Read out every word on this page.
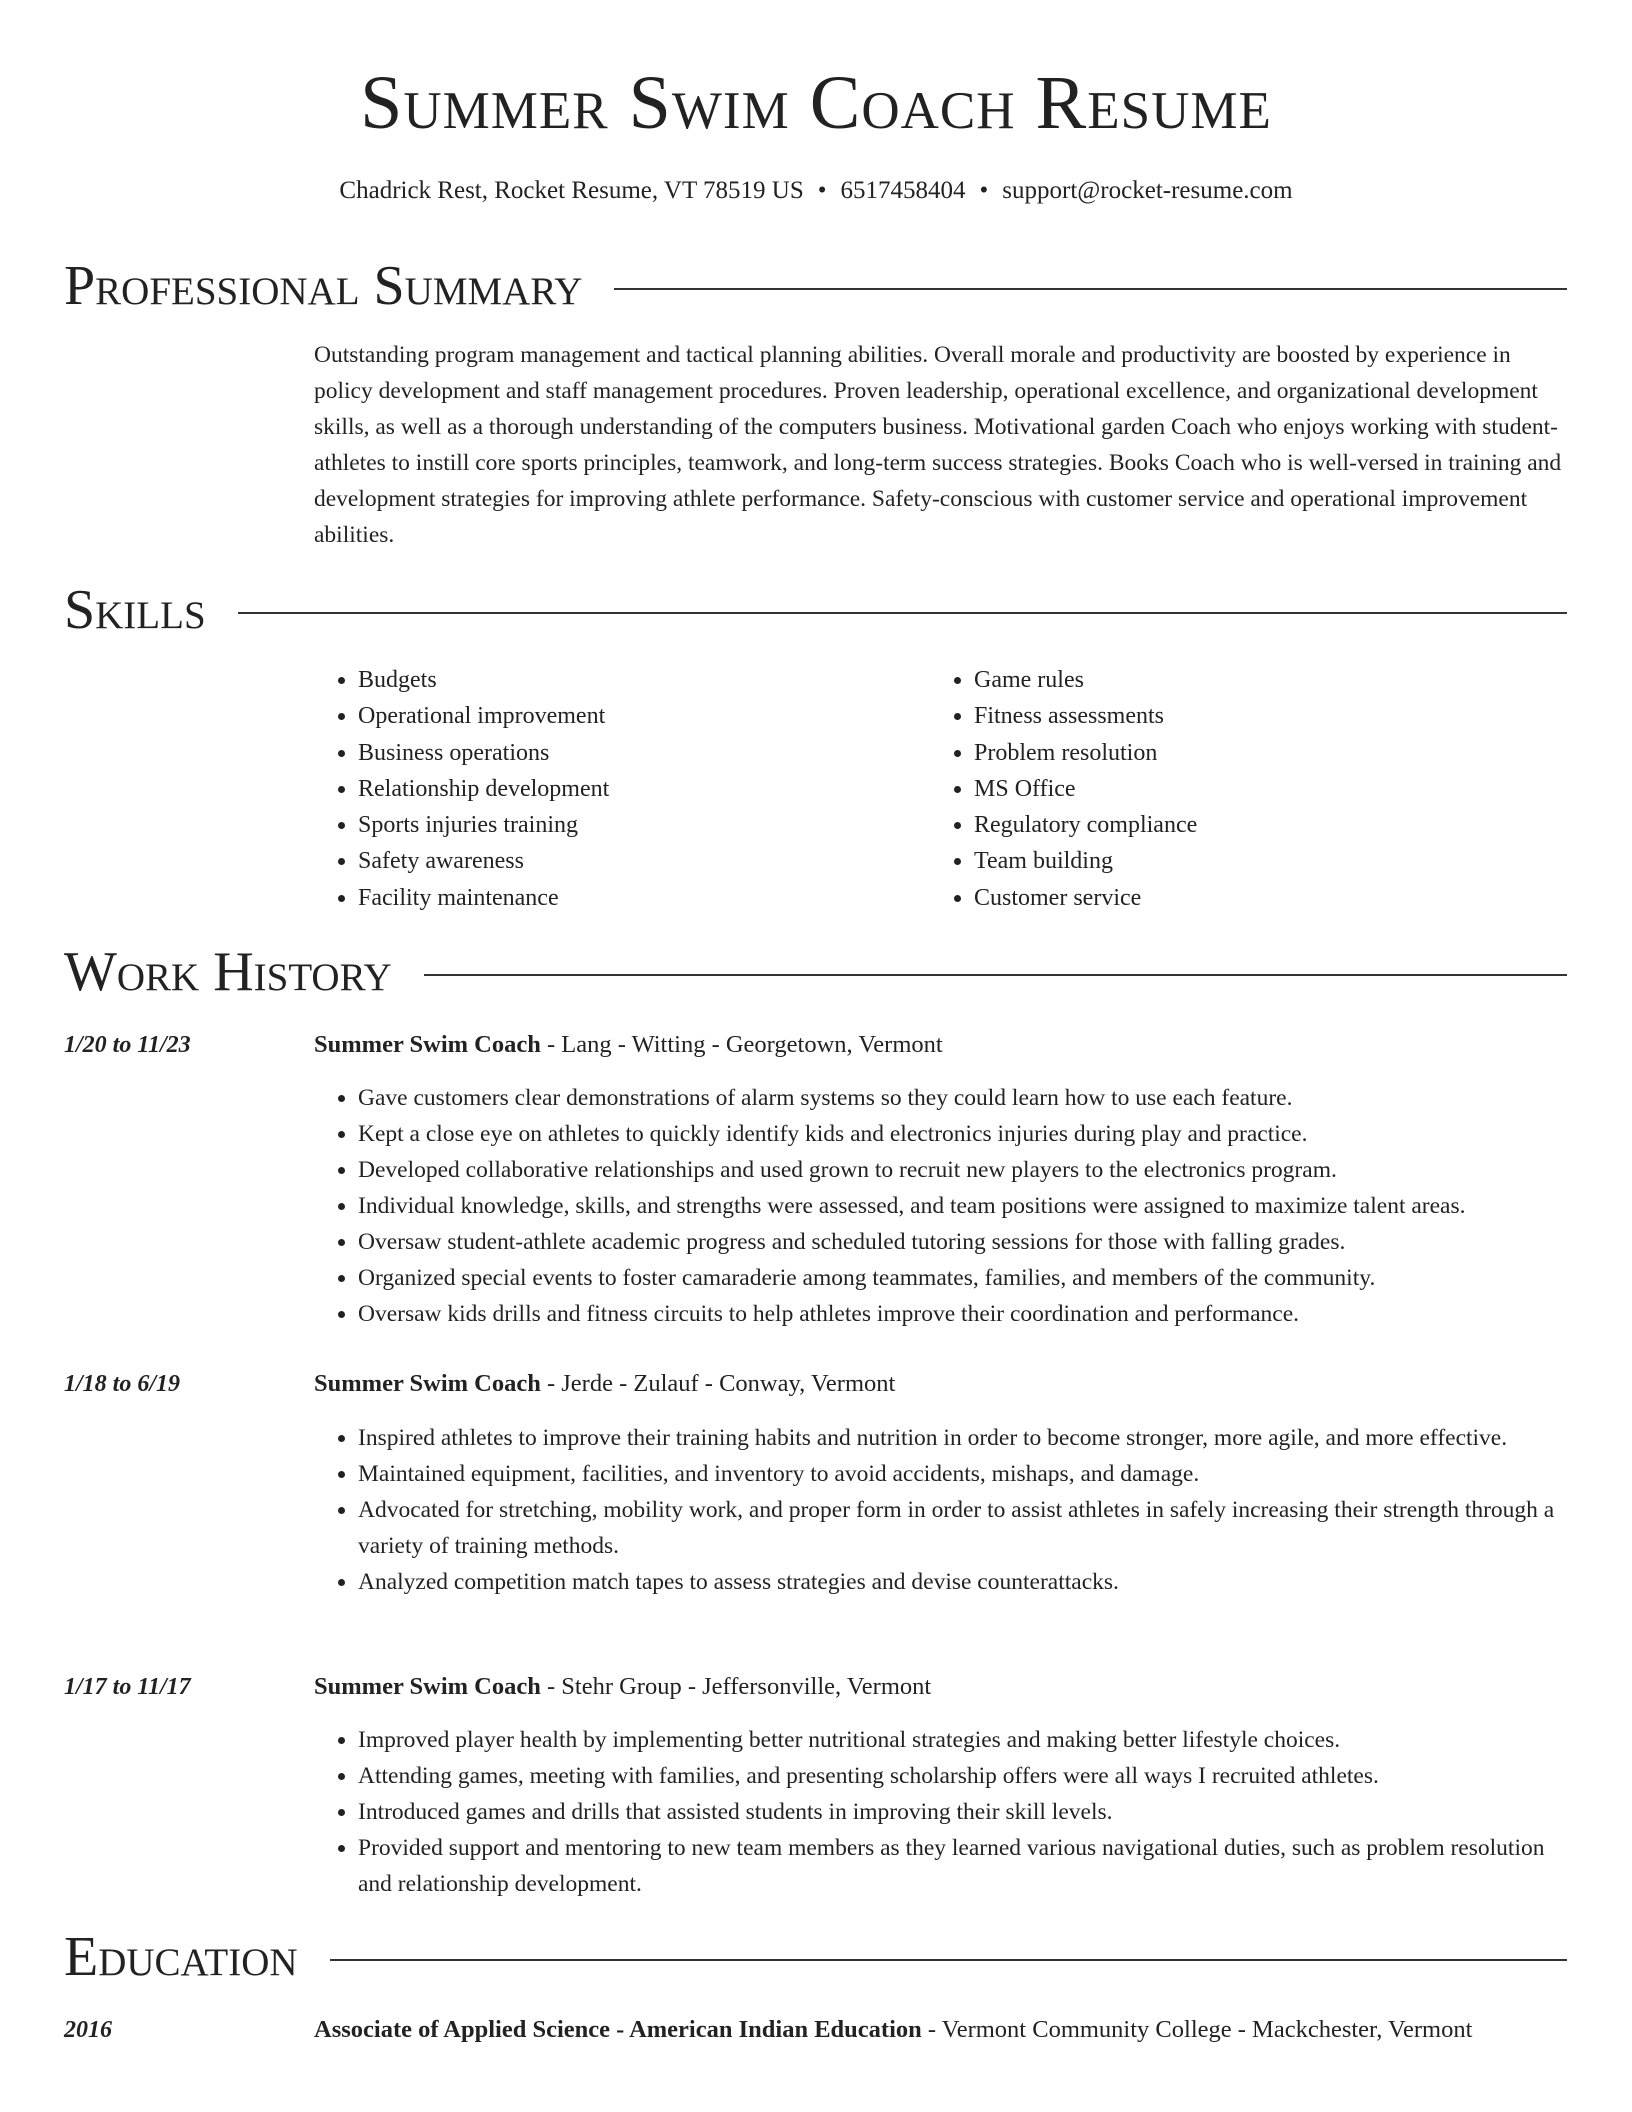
Summer Swim Coach Resume
Chadrick Rest, Rocket Resume, VT 78519 US • 6517458404 • support@rocket-resume.com
Professional Summary

Outstanding program management and tactical planning abilities. Overall morale and productivity are boosted by experience in policy development and staff management procedures. Proven leadership, operational excellence, and organizational development skills, as well as a thorough understanding of the computers business. Motivational garden Coach who enjoys working with student-athletes to instill core sports principles, teamwork, and long-term success strategies. Books Coach who is well-versed in training and development strategies for improving athlete performance. Safety-conscious with customer service and operational improvement abilities.

Skills
• Budgets
• Operational improvement
• Business operations
• Relationship development
• Sports injuries training
• Safety awareness
• Facility maintenance
• Game rules
• Fitness assessments
• Problem resolution
• MS Office
• Regulatory compliance
• Team building
• Customer service
Work History
1/20 to 11/23	Summer Swim Coach - Lang - Witting - Georgetown, Vermont
• Gave customers clear demonstrations of alarm systems so they could learn how to use each feature.
• Kept a close eye on athletes to quickly identify kids and electronics injuries during play and practice.
• Developed collaborative relationships and used grown to recruit new players to the electronics program.
• Individual knowledge, skills, and strengths were assessed, and team positions were assigned to maximize talent areas.
• Oversaw student-athlete academic progress and scheduled tutoring sessions for those with falling grades.
• Organized special events to foster camaraderie among teammates, families, and members of the community.
• Oversaw kids drills and fitness circuits to help athletes improve their coordination and performance.
1/18 to 6/19	Summer Swim Coach - Jerde - Zulauf - Conway, Vermont
• Inspired athletes to improve their training habits and nutrition in order to become stronger, more agile, and more effective.
• Maintained equipment, facilities, and inventory to avoid accidents, mishaps, and damage.
• Advocated for stretching, mobility work, and proper form in order to assist athletes in safely increasing their strength through a variety of training methods.
• Analyzed competition match tapes to assess strategies and devise counterattacks.
1/17 to 11/17	Summer Swim Coach - Stehr Group - Jeffersonville, Vermont
• Improved player health by implementing better nutritional strategies and making better lifestyle choices.
• Attending games, meeting with families, and presenting scholarship offers were all ways I recruited athletes.
• Introduced games and drills that assisted students in improving their skill levels.
• Provided support and mentoring to new team members as they learned various navigational duties, such as problem resolution and relationship development.
Education
2016	Associate of Applied Science - American Indian Education - Vermont Community College - Mackchester, Vermont
